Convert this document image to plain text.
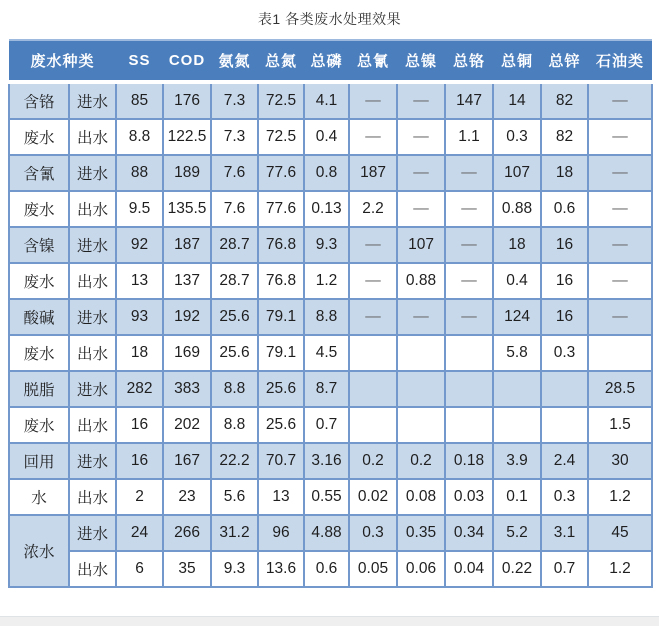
表1 各类废水处理效果
废水种类		SS	COD	氨氮	总氮	总磷	总氰	总镍	总铬	总铜	总锌	石油类
含铬	进水	85	176	7.3	72.5	4.1	—	—	147	14	82	—
废水	出水	8.8	122.5	7.3	72.5	0.4	—	—	1.1	0.3	82	—
含氰	进水	88	189	7.6	77.6	0.8	187	—	—	107	18	—
废水	出水	9.5	135.5	7.6	77.6	0.13	2.2	—	—	0.88	0.6	—
含镍	进水	92	187	28.7	76.8	9.3	—	107	—	18	16	—
废水	出水	13	137	28.7	76.8	1.2	—	0.88	—	0.4	16	—
酸碱	进水	93	192	25.6	79.1	8.8	—	—	—	124	16	—
废水	出水	18	169	25.6	79.1	4.5				5.8	0.3	
脱脂	进水	282	383	8.8	25.6	8.7						28.5
废水	出水	16	202	8.8	25.6	0.7						1.5
回用	进水	16	167	22.2	70.7	3.16	0.2	0.2	0.18	3.9	2.4	30
水	出水	2	23	5.6	13	0.55	0.02	0.08	0.03	0.1	0.3	1.2
浓水	进水	24	266	31.2	96	4.88	0.3	0.35	0.34	5.2	3.1	45
	出水	6	35	9.3	13.6	0.6	0.05	0.06	0.04	0.22	0.7	1.2
